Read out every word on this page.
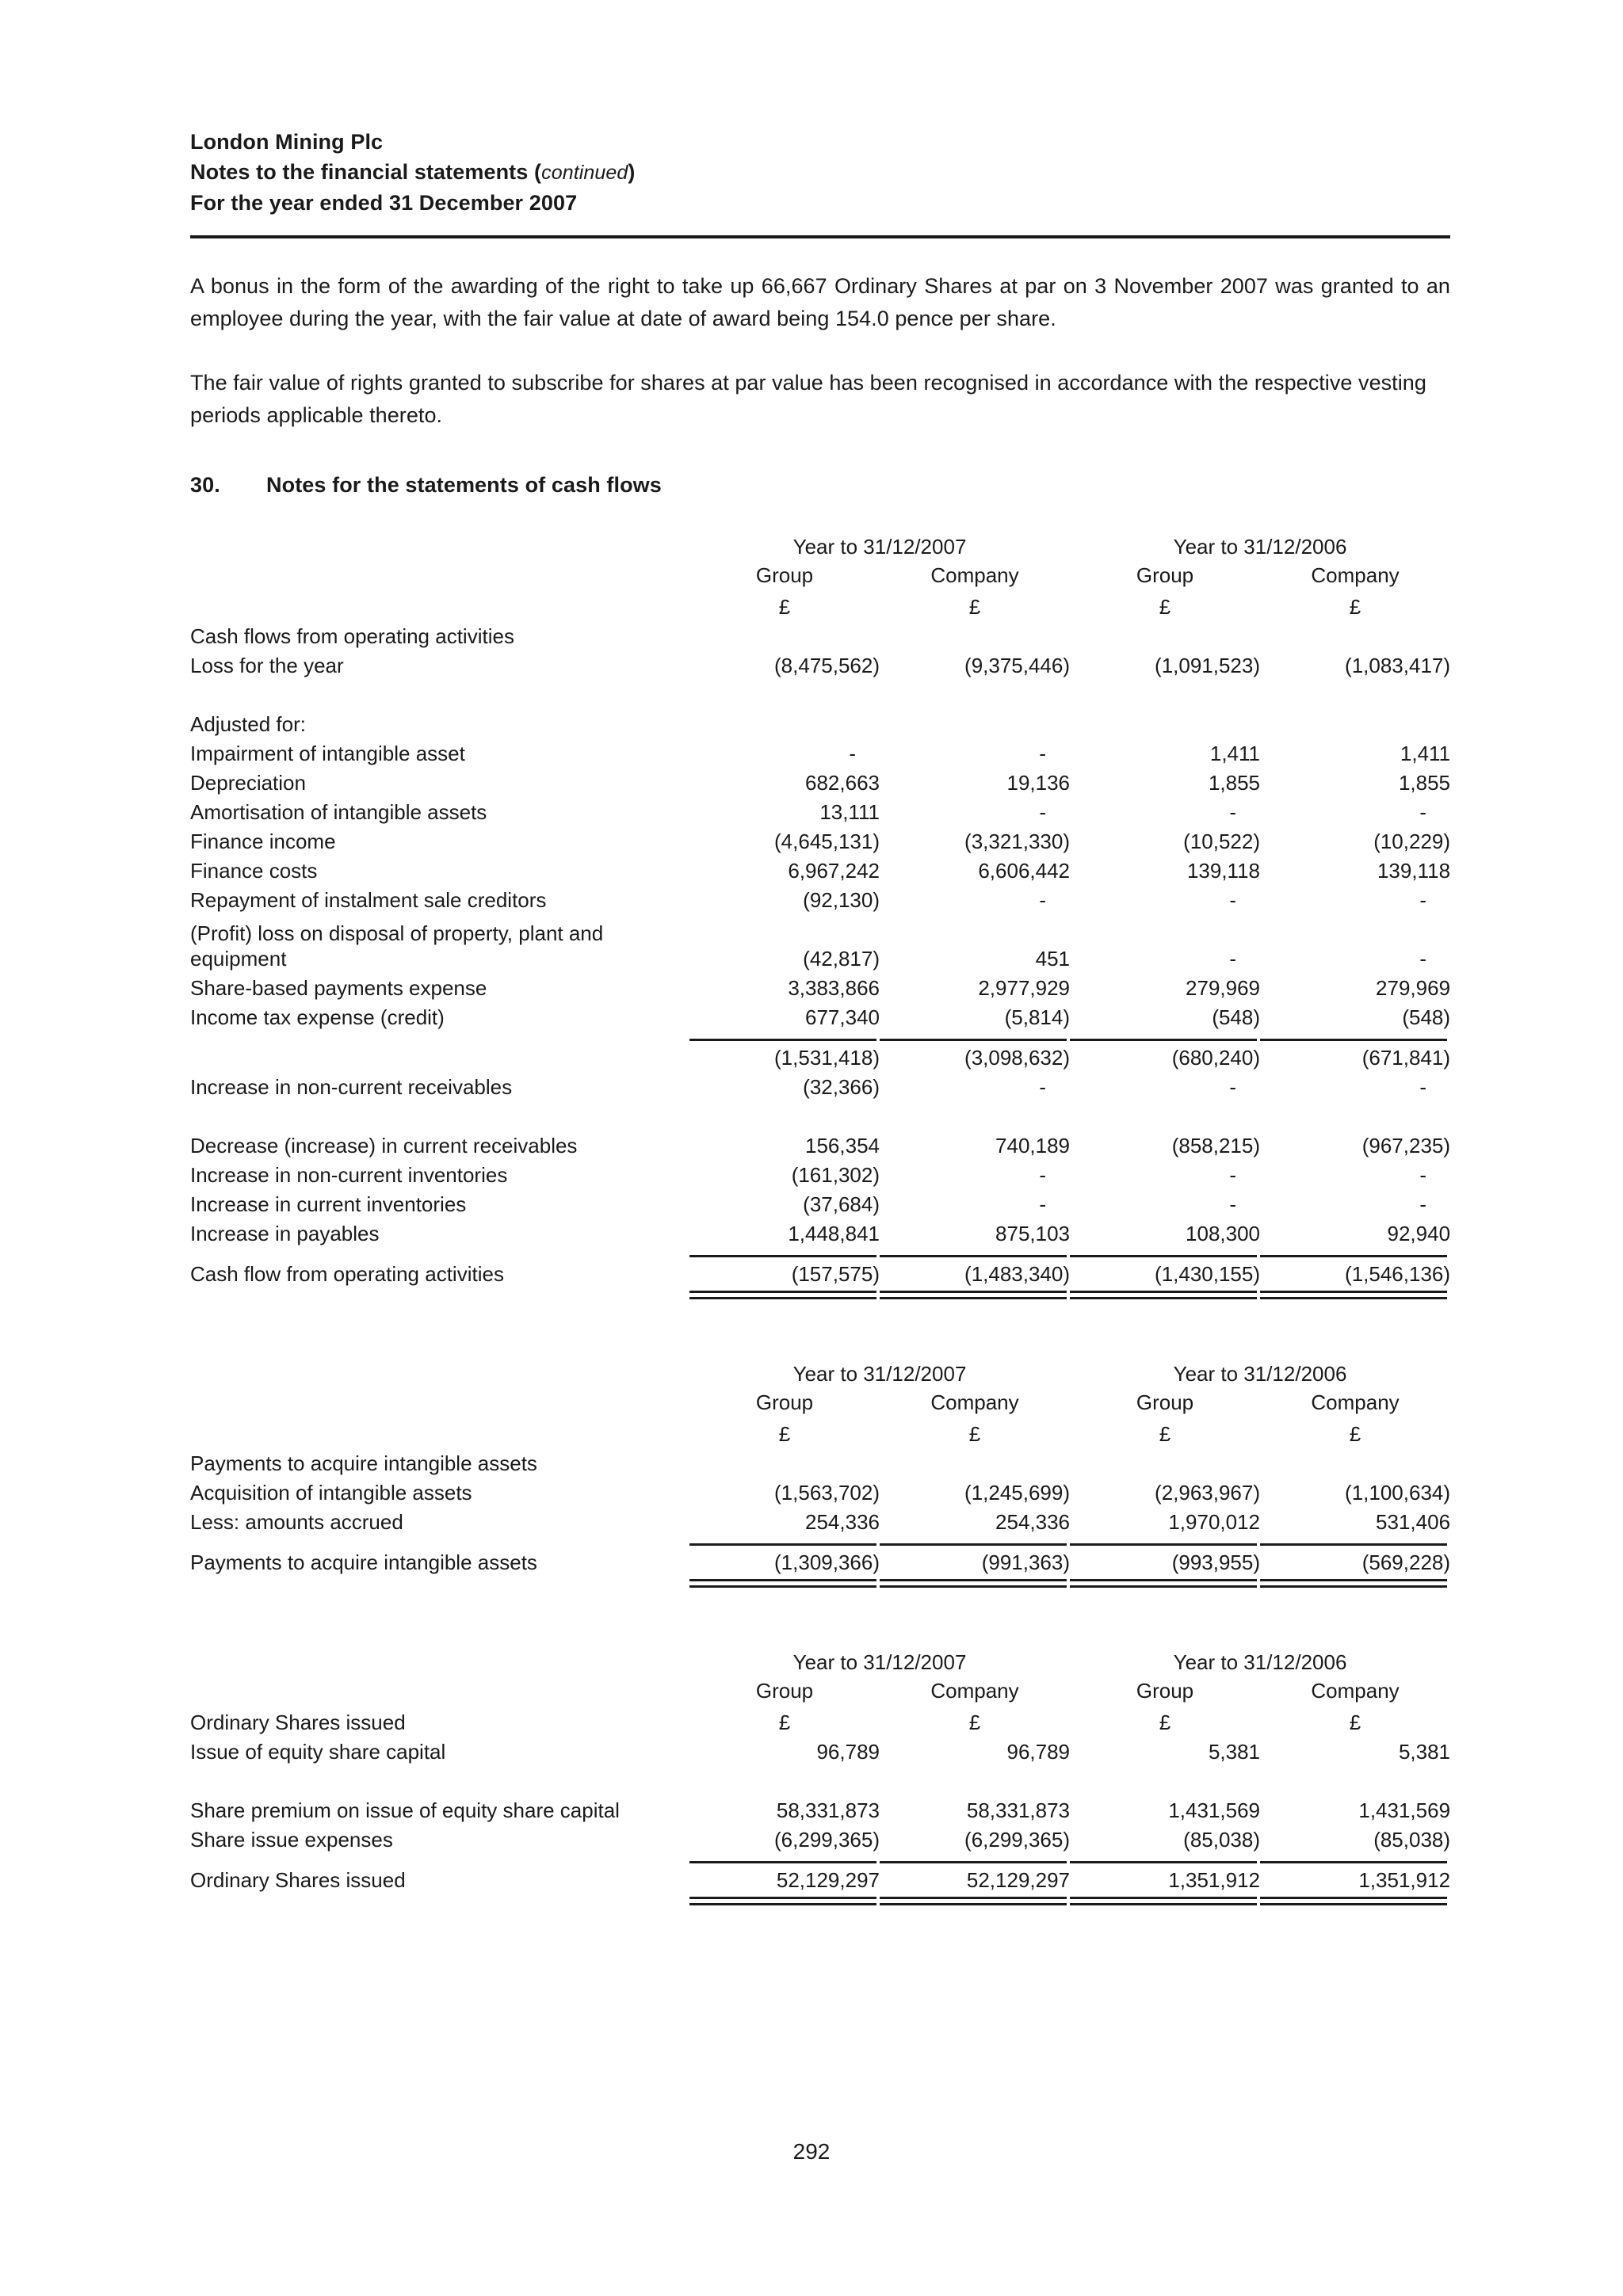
London Mining Plc
Notes to the financial statements (continued)
For the year ended 31 December 2007

A bonus in the form of the awarding of the right to take up 66,667 Ordinary Shares at par on 3 November 2007 was granted to an employee during the year, with the fair value at date of award being 154.0 pence per share.

The fair value of rights granted to subscribe for shares at par value has been recognised in accordance with the respective vesting periods applicable thereto.

30.	Notes for the statements of cash flows
	Year to 31/12/2007		Year to 31/12/2006	
	Group	Company	Group	Company
Cash flows from operating activities	£	£	£	£

Loss for the year	(8,475,562)	(9,375,446)	(1,091,523)	(1,083,417)
Adjusted for:				
Impairment of intangible asset	-	-	1,411	1,411
Depreciation	682,663	19,136	1,855	1,855
Amortisation of intangible assets	13,111	-	-	-
Finance income	(4,645,131)	(3,321,330)	(10,522)	(10,229)
Finance costs	6,967,242	6,606,442	139,118	139,118
Repayment of instalment sale creditors	(92,130)	-	-	-
(Profit) loss on disposal of property, plant and equipment	(42,817)	451	-	-
Share-based payments expense	3,383,866	2,977,929	279,969	279,969
Income tax expense (credit)	677,340	(5,814)	(548)	(548)

	(1,531,418)	(3,098,632)	(680,240)	(671,841)
Increase in non-current receivables	(32,366)	-	-	-
Decrease (increase) in current receivables	156,354	740,189	(858,215)	(967,235)
Increase in non-current inventories	(161,302)	-	-	-
Increase in current inventories	(37,684)	-	-	-
Increase in payables	1,448,841	875,103	108,300	92,940

Cash flow from operating activities	(157,575)	(1,483,340)	(1,430,155)	(1,546,136)

	Year to 31/12/2007		Year to 31/12/2006	
	Group	Company	Group	Company
Payments to acquire intangible assets	£	£	£	£

Acquisition of intangible assets	(1,563,702)	(1,245,699)	(2,963,967)	(1,100,634)
Less: amounts accrued	254,336	254,336	1,970,012	531,406

Payments to acquire intangible assets	(1,309,366)	(991,363)	(993,955)	(569,228)

	Year to 31/12/2007		Year to 31/12/2006	
	Group	Company	Group	Company
Ordinary Shares issued	£	£	£	£
Issue of equity share capital	96,789	96,789	5,381	5,381
Share premium on issue of equity share capital	58,331,873	58,331,873	1,431,569	1,431,569
Share issue expenses	(6,299,365)	(6,299,365)	(85,038)	(85,038)

Ordinary Shares issued	52,129,297	52,129,297	1,351,912	1,351,912

292
